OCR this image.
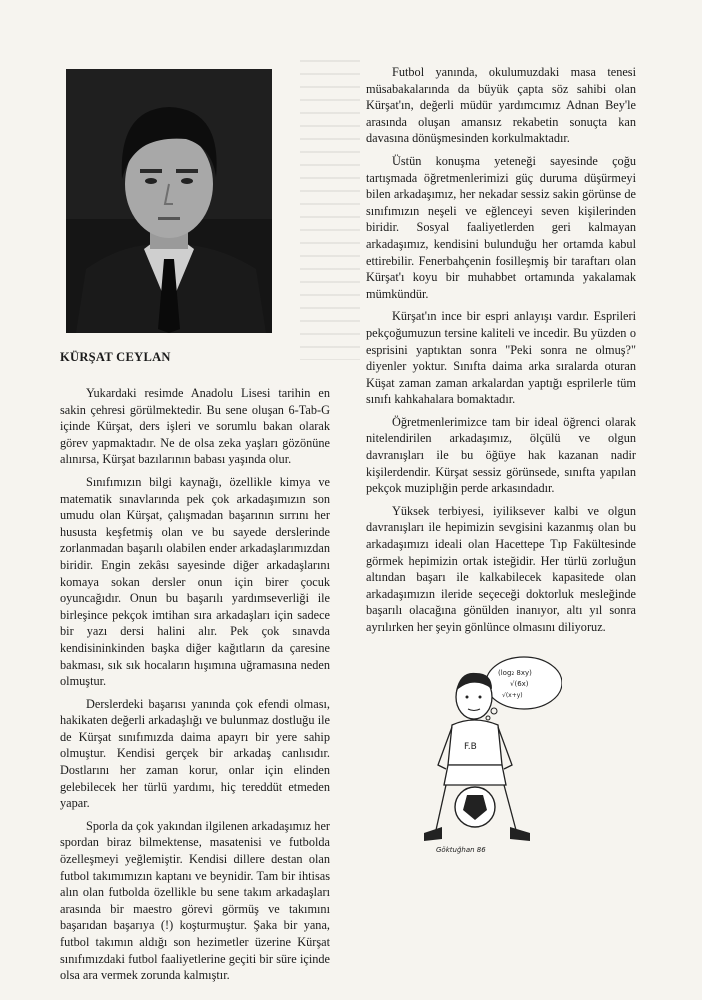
KÜRŞAT CEYLAN

Yukardaki resimde Anadolu Lisesi tarihin en sakin çehresi görülmektedir. Bu sene oluşan 6-Tab-G içinde Kürşat, ders işleri ve sorumlu bakan olarak görev yapmaktadır. Ne de olsa zeka yaşları gözönüne alınırsa, Kürşat bazılarının babası yaşında olur.

Sınıfımızın bilgi kaynağı, özellikle kimya ve matematik sınavlarında pek çok arkadaşımızın son umudu olan Kürşat, çalışmadan başarının sırrını her hususta keşfetmiş olan ve bu sayede derslerinde zorlanmadan başarılı olabilen ender arkadaşlarımızdan biridir. Engin zekâsı sayesinde diğer arkadaşlarını komaya sokan dersler onun için birer çocuk oyuncağıdır. Onun bu başarılı yardımseverliği ile birleşince pekçok imtihan sıra arkadaşları için sadece bir yazı dersi halini alır. Pek çok sınavda kendisininkinden başka diğer kağıtların da çaresine bakması, sık sık hocaların hışımına uğramasına neden olmuştur.

Derslerdeki başarısı yanında çok efendi olması, hakikaten değerli arkadaşlığı ve bulunmaz dostluğu ile de Kürşat sınıfımızda daima apayrı bir yere sahip olmuştur. Kendisi gerçek bir arkadaş canlısıdır. Dostlarını her zaman korur, onlar için elinden gelebilecek her türlü yardımı, hiç tereddüt etmeden yapar.

Sporla da çok yakından ilgilenen arkadaşımız her spordan biraz bilmektense, masatenisi ve futbolda özelleşmeyi yeğlemiştir. Kendisi dillere destan olan futbol takımımızın kaptanı ve beynidir. Tam bir ihtisas alın olan futbolda özellikle bu sene takım arkadaşları arasında bir maestro görevi görmüş ve takımını başarıdan başarıya (!) koşturmuştur. Şaka bir yana, futbol takımın aldığı son hezimetler üzerine Kürşat sınıfımızdaki futbol faaliyetlerine geçiti bir süre içinde olsa ara vermek zorunda kalmıştır.

Futbol yanında, okulumuzdaki masa tenesi müsabakalarında da büyük çapta söz sahibi olan Kürşat'ın, değerli müdür yardımcımız Adnan Bey'le arasında oluşan amansız rekabetin sonuçta kan davasına dönüşmesinden korkulmaktadır.

Üstün konuşma yeteneği sayesinde çoğu tartışmada öğretmenlerimizi güç duruma düşürmeyi bilen arkadaşımız, her nekadar sessiz sakin görünse de sınıfımızın neşeli ve eğlenceyi seven kişilerinden biridir. Sosyal faaliyetlerden geri kalmayan arkadaşımız, kendisini bulunduğu her ortamda kabul ettirebilir. Fenerbahçenin fosilleşmiş bir taraftarı olan Kürşat'ı koyu bir muhabbet ortamında yakalamak mümkündür.

Kürşat'ın ince bir espri anlayışı vardır. Esprileri pekçoğumuzun tersine kaliteli ve incedir. Bu yüzden o esprisini yaptıktan sonra "Peki sonra ne olmuş?" diyenler yoktur. Sınıfta daima arka sıralarda oturan Küşat zaman zaman arkalardan yaptığı esprilerle tüm sınıfı kahkahalara bomaktadır.

Öğretmenlerimizce tam bir ideal öğrenci olarak nitelendirilen arkadaşımız, ölçülü ve olgun davranışları ile bu öğüye hak kazanan nadir kişilerdendir. Kürşat sessiz görünsede, sınıfta yapılan pekçok muziplığin perde arkasındadır.

Yüksek terbiyesi, iyiliksever kalbi ve olgun davranışları ile hepimizin sevgisini kazanmış olan bu arkadaşımızı ideali olan Hacettepe Tıp Fakültesinde görmek hepimizin ortak isteğidir. Her türlü zorluğun altından başarı ile kalkabilecek kapasitede olan arkadaşımızın ileride seçeceği doktorluk mesleğinde başarılı olacağına gönülden inanıyor, altı yıl sonra ayrılırken her şeyin gönlünce olmasını diliyoruz.

(log₂ 8xy)
√(6x)
√(x+y)
F.B
Göktuğhan 86
